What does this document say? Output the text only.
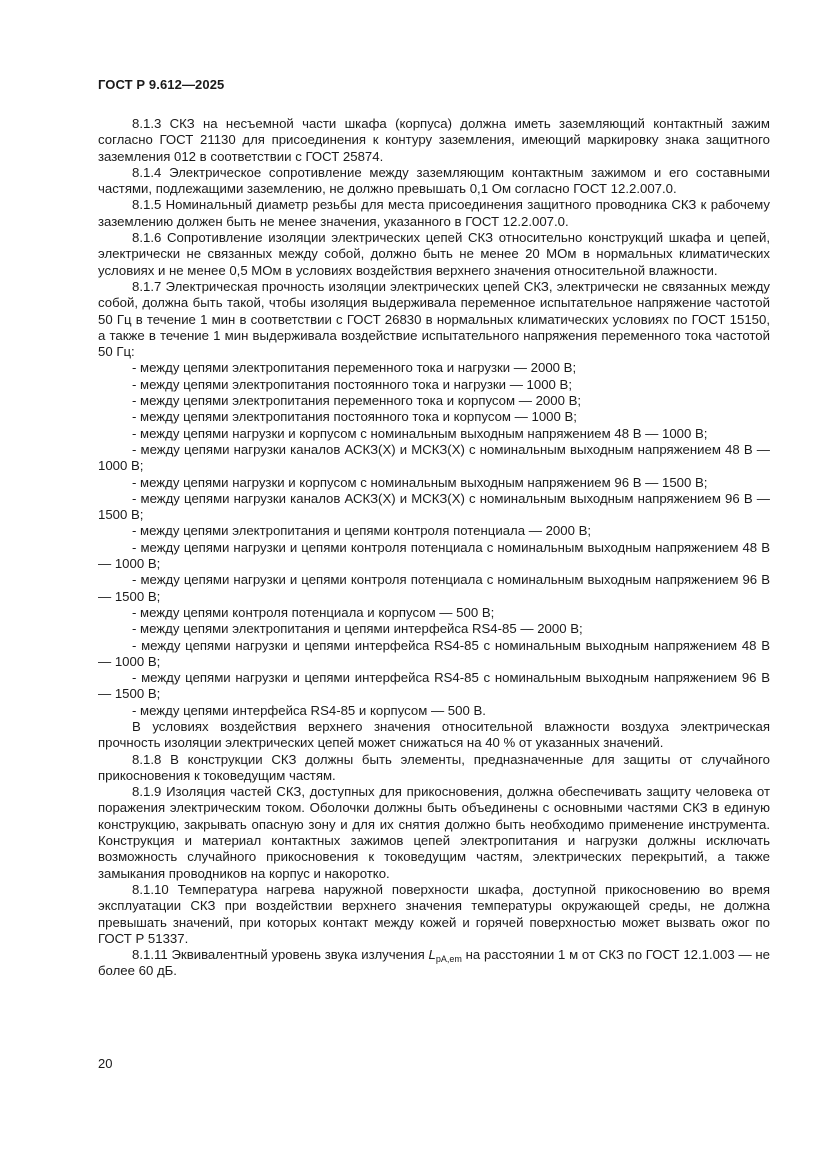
ГОСТ Р 9.612—2025

8.1.3 СКЗ на несъемной части шкафа (корпуса) должна иметь заземляющий контактный зажим согласно ГОСТ 21130 для присоединения к контуру заземления, имеющий маркировку знака защитного заземления 012 в соответствии с ГОСТ 25874.

8.1.4 Электрическое сопротивление между заземляющим контактным зажимом и его составными частями, подлежащими заземлению, не должно превышать 0,1 Ом согласно ГОСТ 12.2.007.0.

8.1.5 Номинальный диаметр резьбы для места присоединения защитного проводника СКЗ к рабочему заземлению должен быть не менее значения, указанного в ГОСТ 12.2.007.0.

8.1.6 Сопротивление изоляции электрических цепей СКЗ относительно конструкций шкафа и цепей, электрически не связанных между собой, должно быть не менее 20 МОм в нормальных климатических условиях и не менее 0,5 МОм в условиях воздействия верхнего значения относительной влажности.

8.1.7 Электрическая прочность изоляции электрических цепей СКЗ, электрически не связанных между собой, должна быть такой, чтобы изоляция выдерживала переменное испытательное напряжение частотой 50 Гц в течение 1 мин в соответствии с ГОСТ 26830 в нормальных климатических условиях по ГОСТ 15150, а также в течение 1 мин выдерживала воздействие испытательного напряжения переменного тока частотой 50 Гц:

- между цепями электропитания переменного тока и нагрузки — 2000 В;

- между цепями электропитания постоянного тока и нагрузки — 1000 В;

- между цепями электропитания переменного тока и корпусом — 2000 В;

- между цепями электропитания постоянного тока и корпусом — 1000 В;

- между цепями нагрузки и корпусом с номинальным выходным напряжением 48 В — 1000 В;

- между цепями нагрузки каналов АСКЗ(Х) и МСКЗ(Х) с номинальным выходным напряжением 48 В — 1000 В;

- между цепями нагрузки и корпусом с номинальным выходным напряжением 96 В — 1500 В;

- между цепями нагрузки каналов АСКЗ(Х) и МСКЗ(Х) с номинальным выходным напряжением 96 В — 1500 В;

- между цепями электропитания и цепями контроля потенциала — 2000 В;

- между цепями нагрузки и цепями контроля потенциала с номинальным выходным напряжением 48 В — 1000 В;

- между цепями нагрузки и цепями контроля потенциала с номинальным выходным напряжением 96 В — 1500 В;

- между цепями контроля потенциала и корпусом — 500 В;

- между цепями электропитания и цепями интерфейса RS4-85 — 2000 В;

- между цепями нагрузки и цепями интерфейса RS4-85 с номинальным выходным напряжением 48 В — 1000 В;

- между цепями нагрузки и цепями интерфейса RS4-85 с номинальным выходным напряжением 96 В — 1500 В;

- между цепями интерфейса RS4-85 и корпусом — 500 В.

В условиях воздействия верхнего значения относительной влажности воздуха электрическая прочность изоляции электрических цепей может снижаться на 40 % от указанных значений.

8.1.8 В конструкции СКЗ должны быть элементы, предназначенные для защиты от случайного прикосновения к токоведущим частям.

8.1.9 Изоляция частей СКЗ, доступных для прикосновения, должна обеспечивать защиту человека от поражения электрическим током. Оболочки должны быть объединены с основными частями СКЗ в единую конструкцию, закрывать опасную зону и для их снятия должно быть необходимо применение инструмента. Конструкция и материал контактных зажимов цепей электропитания и нагрузки должны исключать возможность случайного прикосновения к токоведущим частям, электрических перекрытий, а также замыкания проводников на корпус и накоротко.

8.1.10 Температура нагрева наружной поверхности шкафа, доступной прикосновению во время эксплуатации СКЗ при воздействии верхнего значения температуры окружающей среды, не должна превышать значений, при которых контакт между кожей и горячей поверхностью может вызвать ожог по ГОСТ Р 51337.

8.1.11 Эквивалентный уровень звука излучения $L_{pA,em}$ на расстоянии 1 м от СКЗ по ГОСТ 12.1.003 — не более 60 дБ.

20
